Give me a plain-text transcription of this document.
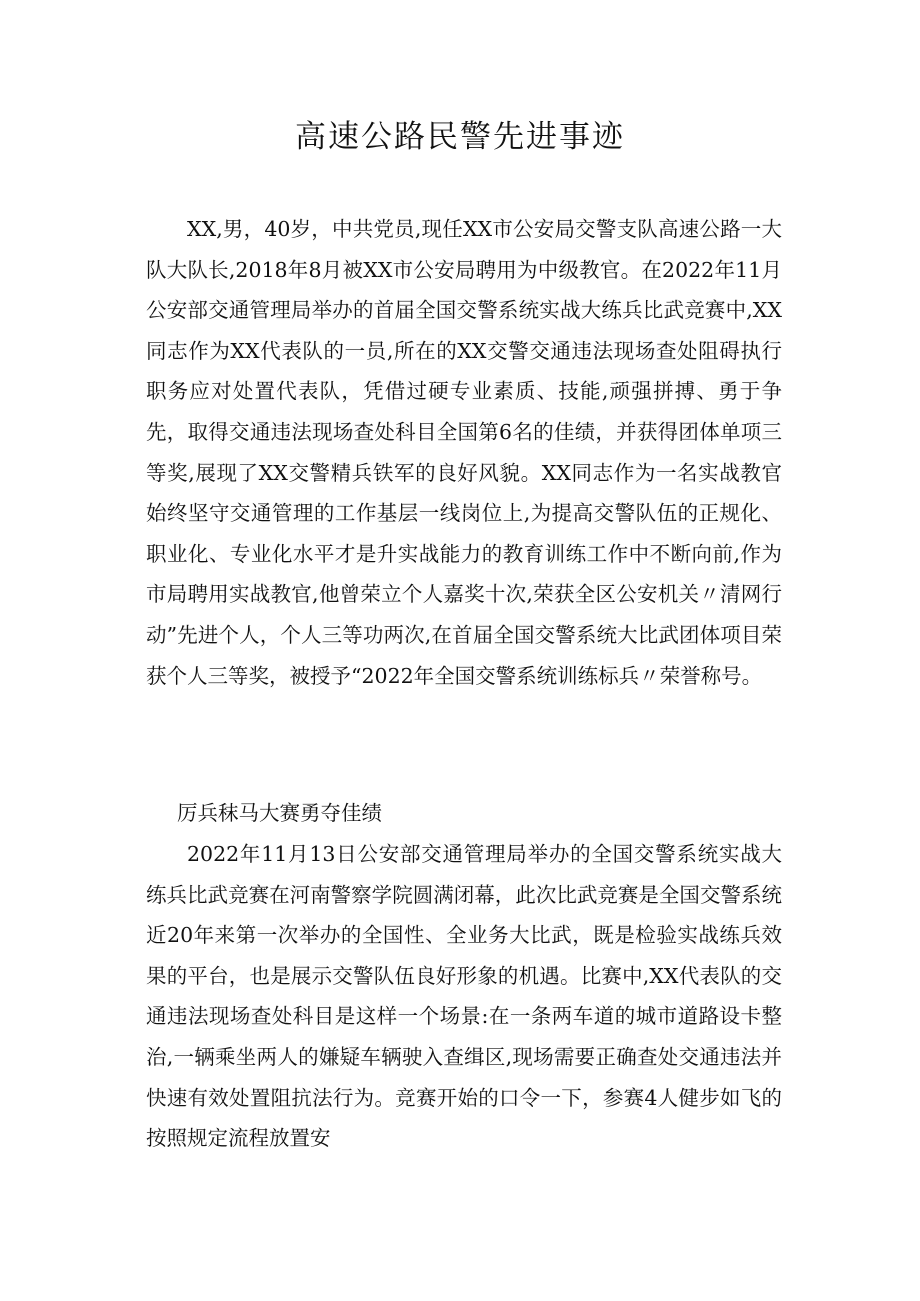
高速公路民警先进事迹

XX,男，40岁，中共党员,现任XX市公安局交警支队高速公路一大队大队长,2018年8月被XX市公安局聘用为中级教官。在2022年11月公安部交通管理局举办的首届全国交警系统实战大练兵比武竞赛中,XX同志作为XX代表队的一员,所在的XX交警交通违法现场查处阻碍执行职务应对处置代表队，凭借过硬专业素质、技能,顽强拼搏、勇于争先，取得交通违法现场查处科目全国第6名的佳绩，并获得团体单项三等奖,展现了XX交警精兵铁军的良好风貌。XX同志作为一名实战教官始终坚守交通管理的工作基层一线岗位上,为提高交警队伍的正规化、职业化、专业化水平才是升实战能力的教育训练工作中不断向前,作为市局聘用实战教官,他曾荣立个人嘉奖十次,荣获全区公安机关〃清网行动”先进个人，个人三等功两次,在首届全国交警系统大比武团体项目荣获个人三等奖，被授予“2022年全国交警系统训练标兵〃荣誉称号。

厉兵秣马大赛勇夺佳绩

2022年11月13日公安部交通管理局举办的全国交警系统实战大练兵比武竞赛在河南警察学院圆满闭幕，此次比武竞赛是全国交警系统近20年来第一次举办的全国性、全业务大比武，既是检验实战练兵效果的平台，也是展示交警队伍良好形象的机遇。比赛中,XX代表队的交通违法现场查处科目是这样一个场景:在一条两车道的城市道路设卡整治,一辆乘坐两人的嫌疑车辆驶入查缉区,现场需要正确查处交通违法并快速有效处置阻抗法行为。竞赛开始的口令一下，参赛4人健步如飞的按照规定流程放置安
